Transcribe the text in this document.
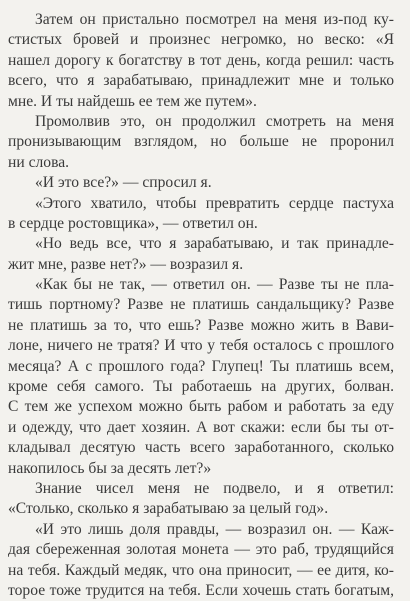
Затем он пристально посмотрел на меня из-под ку-
стистых бровей и произнес негромко, но веско: «Я
нашел дорогу к богатству в тот день, когда решил: часть
всего, что я зарабатываю, принадлежит мне и только
мне. И ты найдешь ее тем же путем».
Промолвив это, он продолжил смотреть на меня
пронизывающим взглядом, но больше не проронил
ни слова.
«И это все?» — спросил я.
«Этого хватило, чтобы превратить сердце пастуха
в сердце ростовщика», — ответил он.
«Но ведь все, что я зарабатываю, и так принадле-
жит мне, разве нет?» — возразил я.
«Как бы не так, — ответил он. — Разве ты не пла-
тишь портному? Разве не платишь сандальщику? Разве
не платишь за то, что ешь? Разве можно жить в Вави-
лоне, ничего не тратя? И что у тебя осталось с прошлого
месяца? А с прошлого года? Глупец! Ты платишь всем,
кроме себя самого. Ты работаешь на других, болван.
С тем же успехом можно быть рабом и работать за еду
и одежду, что дает хозяин. А вот скажи: если бы ты от-
кладывал десятую часть всего заработанного, сколько
накопилось бы за десять лет?»
Знание чисел меня не подвело, и я ответил:
«Столько, сколько я зарабатываю за целый год».
«И это лишь доля правды, — возразил он. — Каж-
дая сбереженная золотая монета — это раб, трудящийся
на тебя. Каждый медяк, что она приносит, — ее дитя, ко-
торое тоже трудится на тебя. Если хочешь стать богатым,
